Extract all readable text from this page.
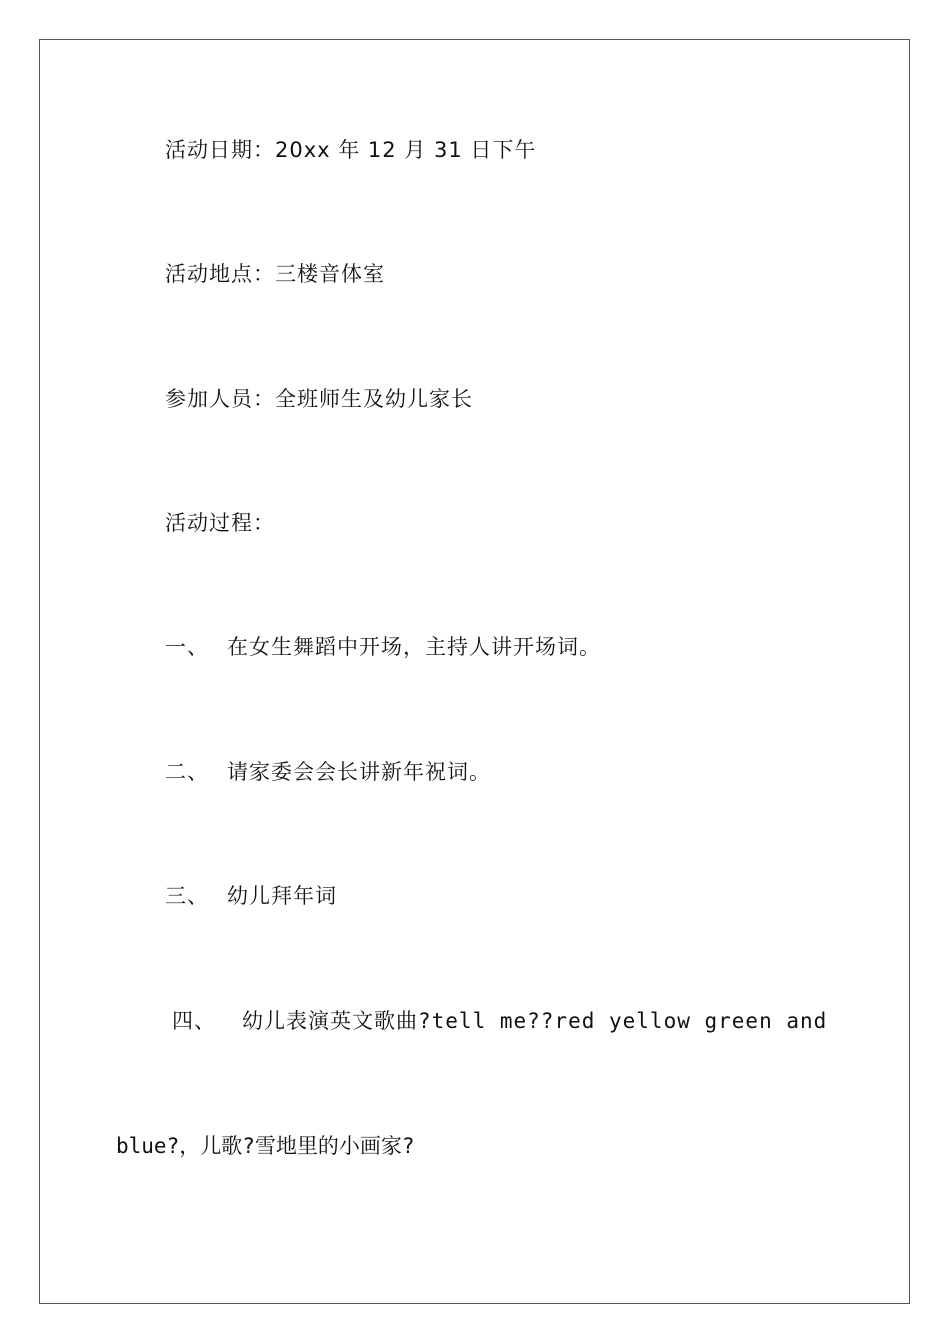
活动日期：20xx 年 12 月 31 日下午
活动地点：三楼音体室
参加人员：全班师生及幼儿家长
活动过程：
一、 在女生舞蹈中开场，主持人讲开场词。
二、 请家委会会长讲新年祝词。
三、 幼儿拜年词
四、 幼儿表演英文歌曲?tell me??red yellow green and
blue?，儿歌?雪地里的小画家?
